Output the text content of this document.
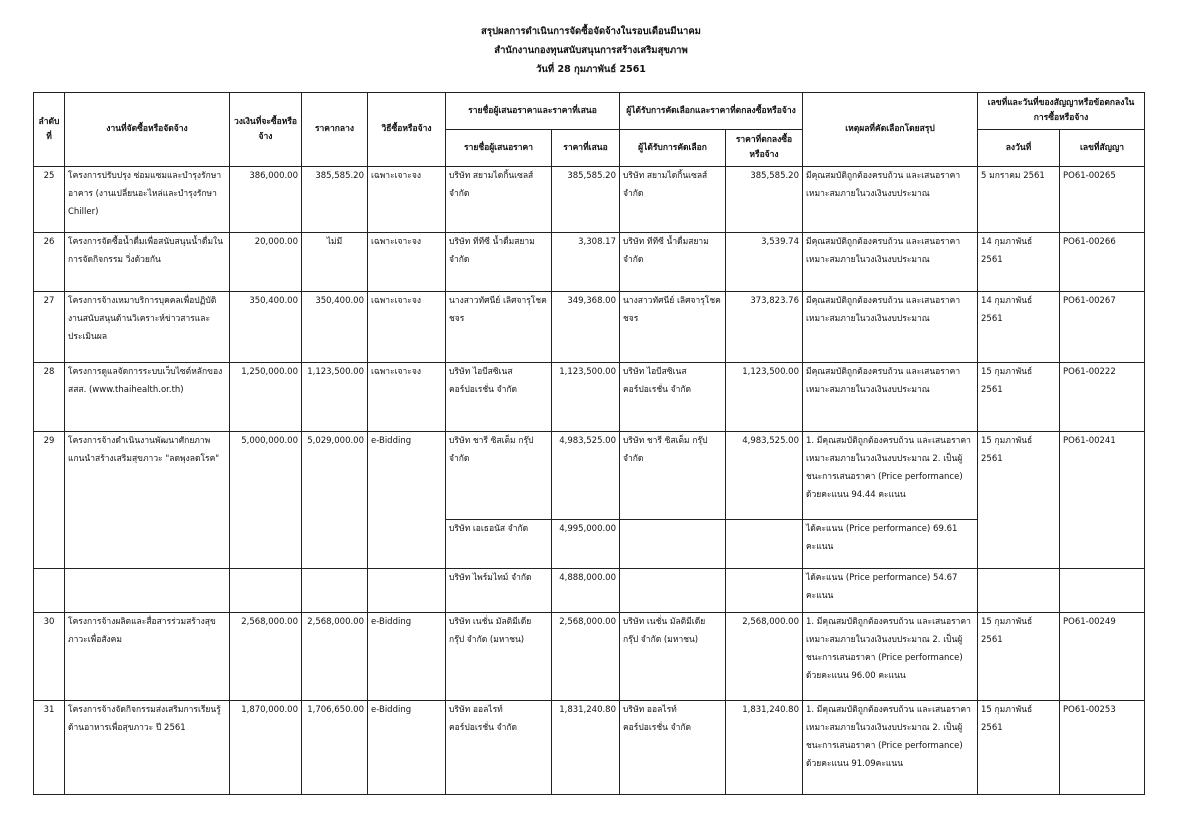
สรุปผลการดำเนินการจัดซื้อจัดจ้างในรอบเดือนมีนาคม
สำนักงานกองทุนสนับสนุนการสร้างเสริมสุขภาพ
วันที่ 28 กุมภาพันธ์ 2561
ลำดับที่	งานที่จัดซื้อหรือจัดจ้าง	วงเงินที่จะซื้อหรือจ้าง	ราคากลาง	วิธีซื้อหรือจ้าง	รายชื่อผู้เสนอราคาและราคาที่เสนอ		ผู้ได้รับการคัดเลือกและราคาที่ตกลงซื้อหรือจ้าง		เหตุผลที่คัดเลือกโดยสรุป	เลขที่และวันที่ของสัญญาหรือข้อตกลงในการซื้อหรือจ้าง	
					รายชื่อผู้เสนอราคา	ราคาที่เสนอ	ผู้ได้รับการคัดเลือก	ราคาที่ตกลงซื้อหรือจ้าง		ลงวันที่	เลขที่สัญญา
25	โครงการปรับปรุง ซ่อมแซมและบำรุงรักษาอาคาร (งานเปลี่ยนอะไหล่และบำรุงรักษา Chiller)	386,000.00	385,585.20	เฉพาะเจาะจง	บริษัท สยามไดกิ้นเซลส์ จำกัด	385,585.20	บริษัท สยามไดกิ้นเซลส์ จำกัด	385,585.20	มีคุณสมบัติถูกต้องครบถ้วน และเสนอราคาเหมาะสมภายในวงเงินงบประมาณ	5 มกราคม 2561	PO61-00265
26	โครงการจัดซื้อน้ำดื่มเพื่อสนับสนุนน้ำดื่มในการจัดกิจกรรม วิ่งด้วยกัน	20,000.00	ไม่มี	เฉพาะเจาะจง	บริษัท ทีทีซี น้ำดื่มสยาม จำกัด	3,308.17	บริษัท ทีทีซี น้ำดื่มสยาม จำกัด	3,539.74	มีคุณสมบัติถูกต้องครบถ้วน และเสนอราคาเหมาะสมภายในวงเงินงบประมาณ	14 กุมภาพันธ์ 2561	PO61-00266
27	โครงการจ้างเหมาบริการบุคคลเพื่อปฏิบัติงานสนับสนุนด้านวิเคราะห์ข่าวสารและประเมินผล	350,400.00	350,400.00	เฉพาะเจาะจง	นางสาวทัศนีย์ เลิศจารุโชคชจร	349,368.00	นางสาวทัศนีย์ เลิศจารุโชคชจร	373,823.76	มีคุณสมบัติถูกต้องครบถ้วน และเสนอราคาเหมาะสมภายในวงเงินงบประมาณ	14 กุมภาพันธ์ 2561	PO61-00267
28	โครงการดูแลจัดการระบบเว็บไซต์หลักของ สสส. (www.thaihealth.or.th)	1,250,000.00	1,123,500.00	เฉพาะเจาะจง	บริษัท ไอบีสซิเนส คอร์ปอเรชั่น จำกัด	1,123,500.00	บริษัท ไอบีสซิเนส คอร์ปอเรชั่น จำกัด	1,123,500.00	มีคุณสมบัติถูกต้องครบถ้วน และเสนอราคาเหมาะสมภายในวงเงินงบประมาณ	15 กุมภาพันธ์ 2561	PO61-00222
29	โครงการจ้างดำเนินงานพัฒนาศักยภาพแกนนำสร้างเสริมสุขภาวะ "ลดพุงลดโรค"	5,000,000.00	5,029,000.00	e-Bidding	บริษัท ชารี ซิสเต็ม กรุ๊ป จำกัด	4,983,525.00	บริษัท ชารี ซิสเต็ม กรุ๊ป จำกัด	4,983,525.00	1. มีคุณสมบัติถูกต้องครบถ้วน และเสนอราคาเหมาะสมภายในวงเงินงบประมาณ 2. เป็นผู้ชนะการเสนอราคา (Price performance) ด้วยคะแนน 94.44 คะแนน	15 กุมภาพันธ์ 2561	PO61-00241
					บริษัท เอเธอนัส จำกัด	4,995,000.00			ได้คะแนน (Price performance) 69.61 คะแนน		
					บริษัท ไพร์มไทม์ จำกัด	4,888,000.00			ได้คะแนน (Price performance) 54.67 คะแนน		
30	โครงการจ้างผลิตและสื่อสารร่วมสร้างสุขภาวะเพื่อสังคม	2,568,000.00	2,568,000.00	e-Bidding	บริษัท เนชั่น มัลติมีเดีย กรุ๊ป จำกัด (มหาชน)	2,568,000.00	บริษัท เนชั่น มัลติมีเดีย กรุ๊ป จำกัด (มหาชน)	2,568,000.00	1. มีคุณสมบัติถูกต้องครบถ้วน และเสนอราคาเหมาะสมภายในวงเงินงบประมาณ 2. เป็นผู้ชนะการเสนอราคา (Price performance) ด้วยคะแนน 96.00 คะแนน	15 กุมภาพันธ์ 2561	PO61-00249
31	โครงการจ้างจัดกิจกรรมส่งเสริมการเรียนรู้ด้านอาหารเพื่อสุขภาวะ ปี 2561	1,870,000.00	1,706,650.00	e-Bidding	บริษัท ออลไรท์ คอร์ปอเรชั่น จำกัด	1,831,240.80	บริษัท ออลไรท์ คอร์ปอเรชั่น จำกัด	1,831,240.80	1. มีคุณสมบัติถูกต้องครบถ้วน และเสนอราคาเหมาะสมภายในวงเงินงบประมาณ 2. เป็นผู้ชนะการเสนอราคา (Price performance) ด้วยคะแนน 91.09คะแนน	15 กุมภาพันธ์ 2561	PO61-00253
